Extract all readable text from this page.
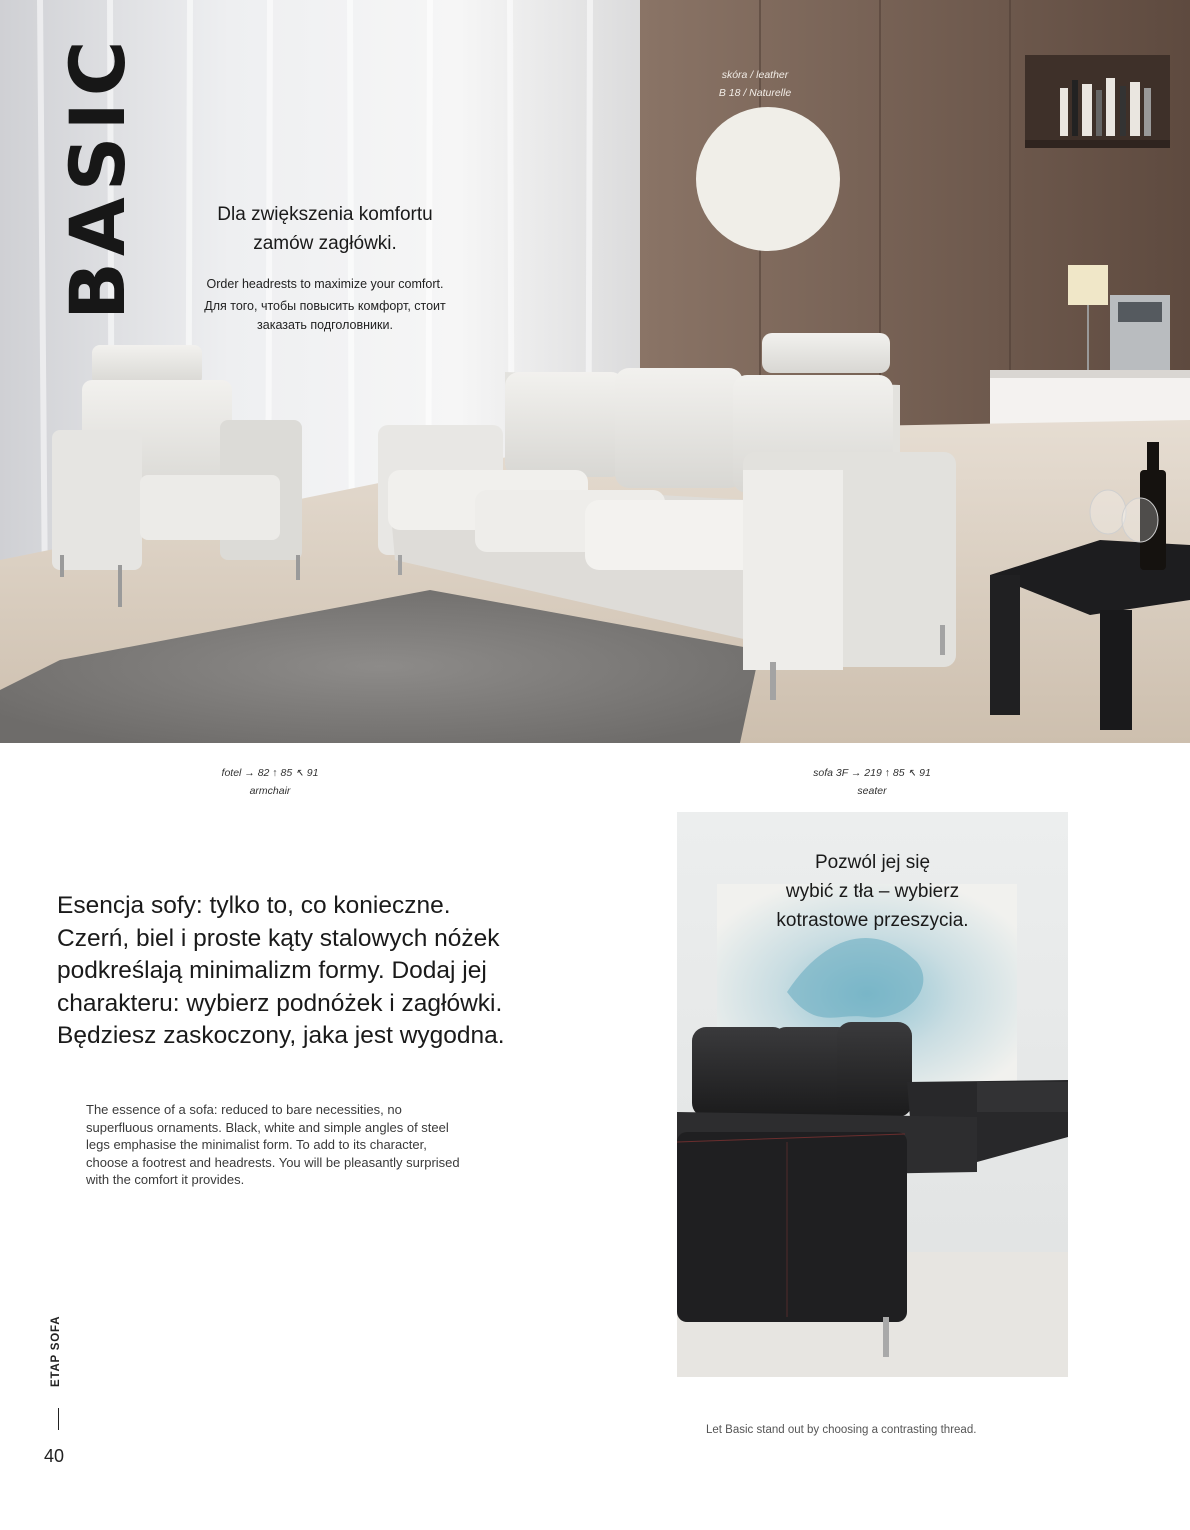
BASIC	Dla zwiększenia komfortu
zamów zagłówki.
Order headrests to maximize your comfort.
Для того, чтобы повысить комфорт, стоит
заказать подголовники.
skóra / leather
B 18 / Naturelle
fotel → 82 ↑ 85 ↖ 91
armchair
sofa 3F → 219 ↑ 85 ↖ 91
seater
Esencja sofy: tylko to, co konieczne.
Czerń, biel i proste kąty stalowych nóżek
podkreślają minimalizm formy. Dodaj jej
charakteru: wybierz podnóżek i zagłówki.
Będziesz zaskoczony, jaka jest wygodna.
The essence of a sofa: reduced to bare necessities, no
superfluous ornaments. Black, white and simple angles of steel
legs emphasise the minimalist form. To add to its character,
choose a footrest and headrests. You will be pleasantly surprised
with the comfort it provides.
Pozwól jej się
wybić z tła – wybierz
kotrastowe przeszycia.
Let Basic stand out by choosing a contrasting thread.
ETAP SOFA
40
